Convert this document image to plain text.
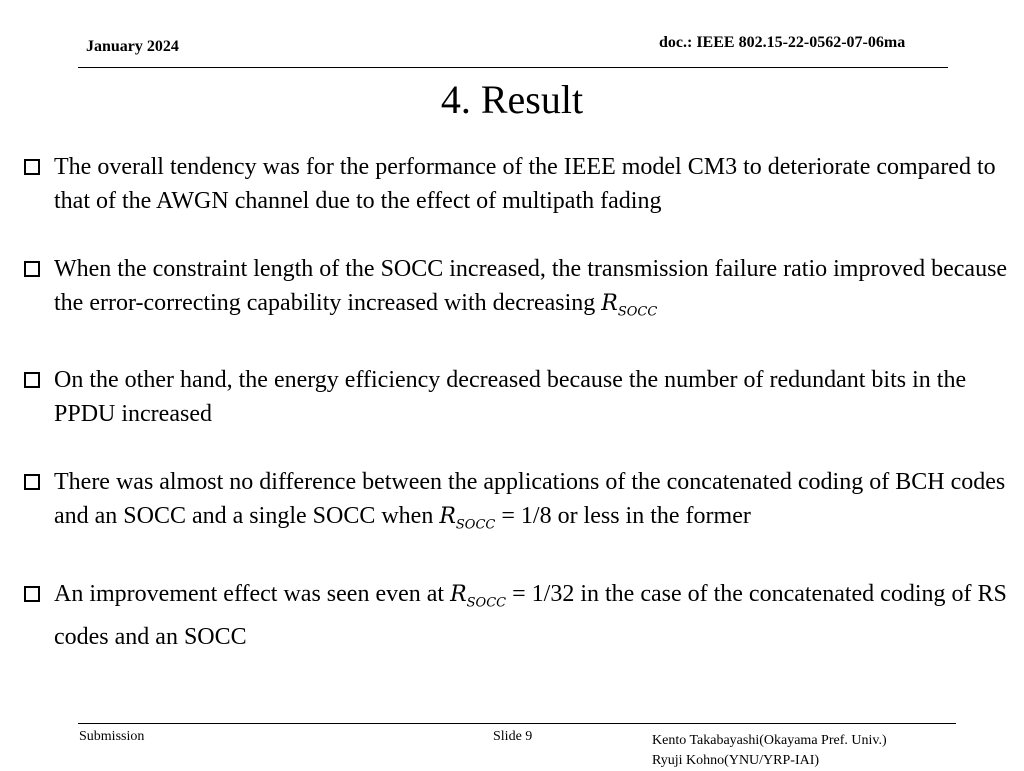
January 2024	doc.: IEEE 802.15-22-0562-07-06ma
4. Result
The overall tendency was for the performance of the IEEE model CM3 to deteriorate compared to that of the AWGN channel due to the effect of multipath fading
When the constraint length of the SOCC increased, the transmission failure ratio improved because the error-correcting capability increased with decreasing $R_{SOCC}$
On the other hand, the energy efficiency decreased because the number of redundant bits in the PPDU increased
There was almost no difference between the applications of the concatenated coding of BCH codes and an SOCC and a single SOCC when $R_{SOCC} = 1/8$ or less in the former
An improvement effect was seen even at $R_{SOCC} = 1/32$ in the case of the concatenated coding of RS codes and an SOCC
Submission	Slide 9	Kento Takabayashi(Okayama Pref. Univ.)
Ryuji Kohno(YNU/YRP-IAI)
